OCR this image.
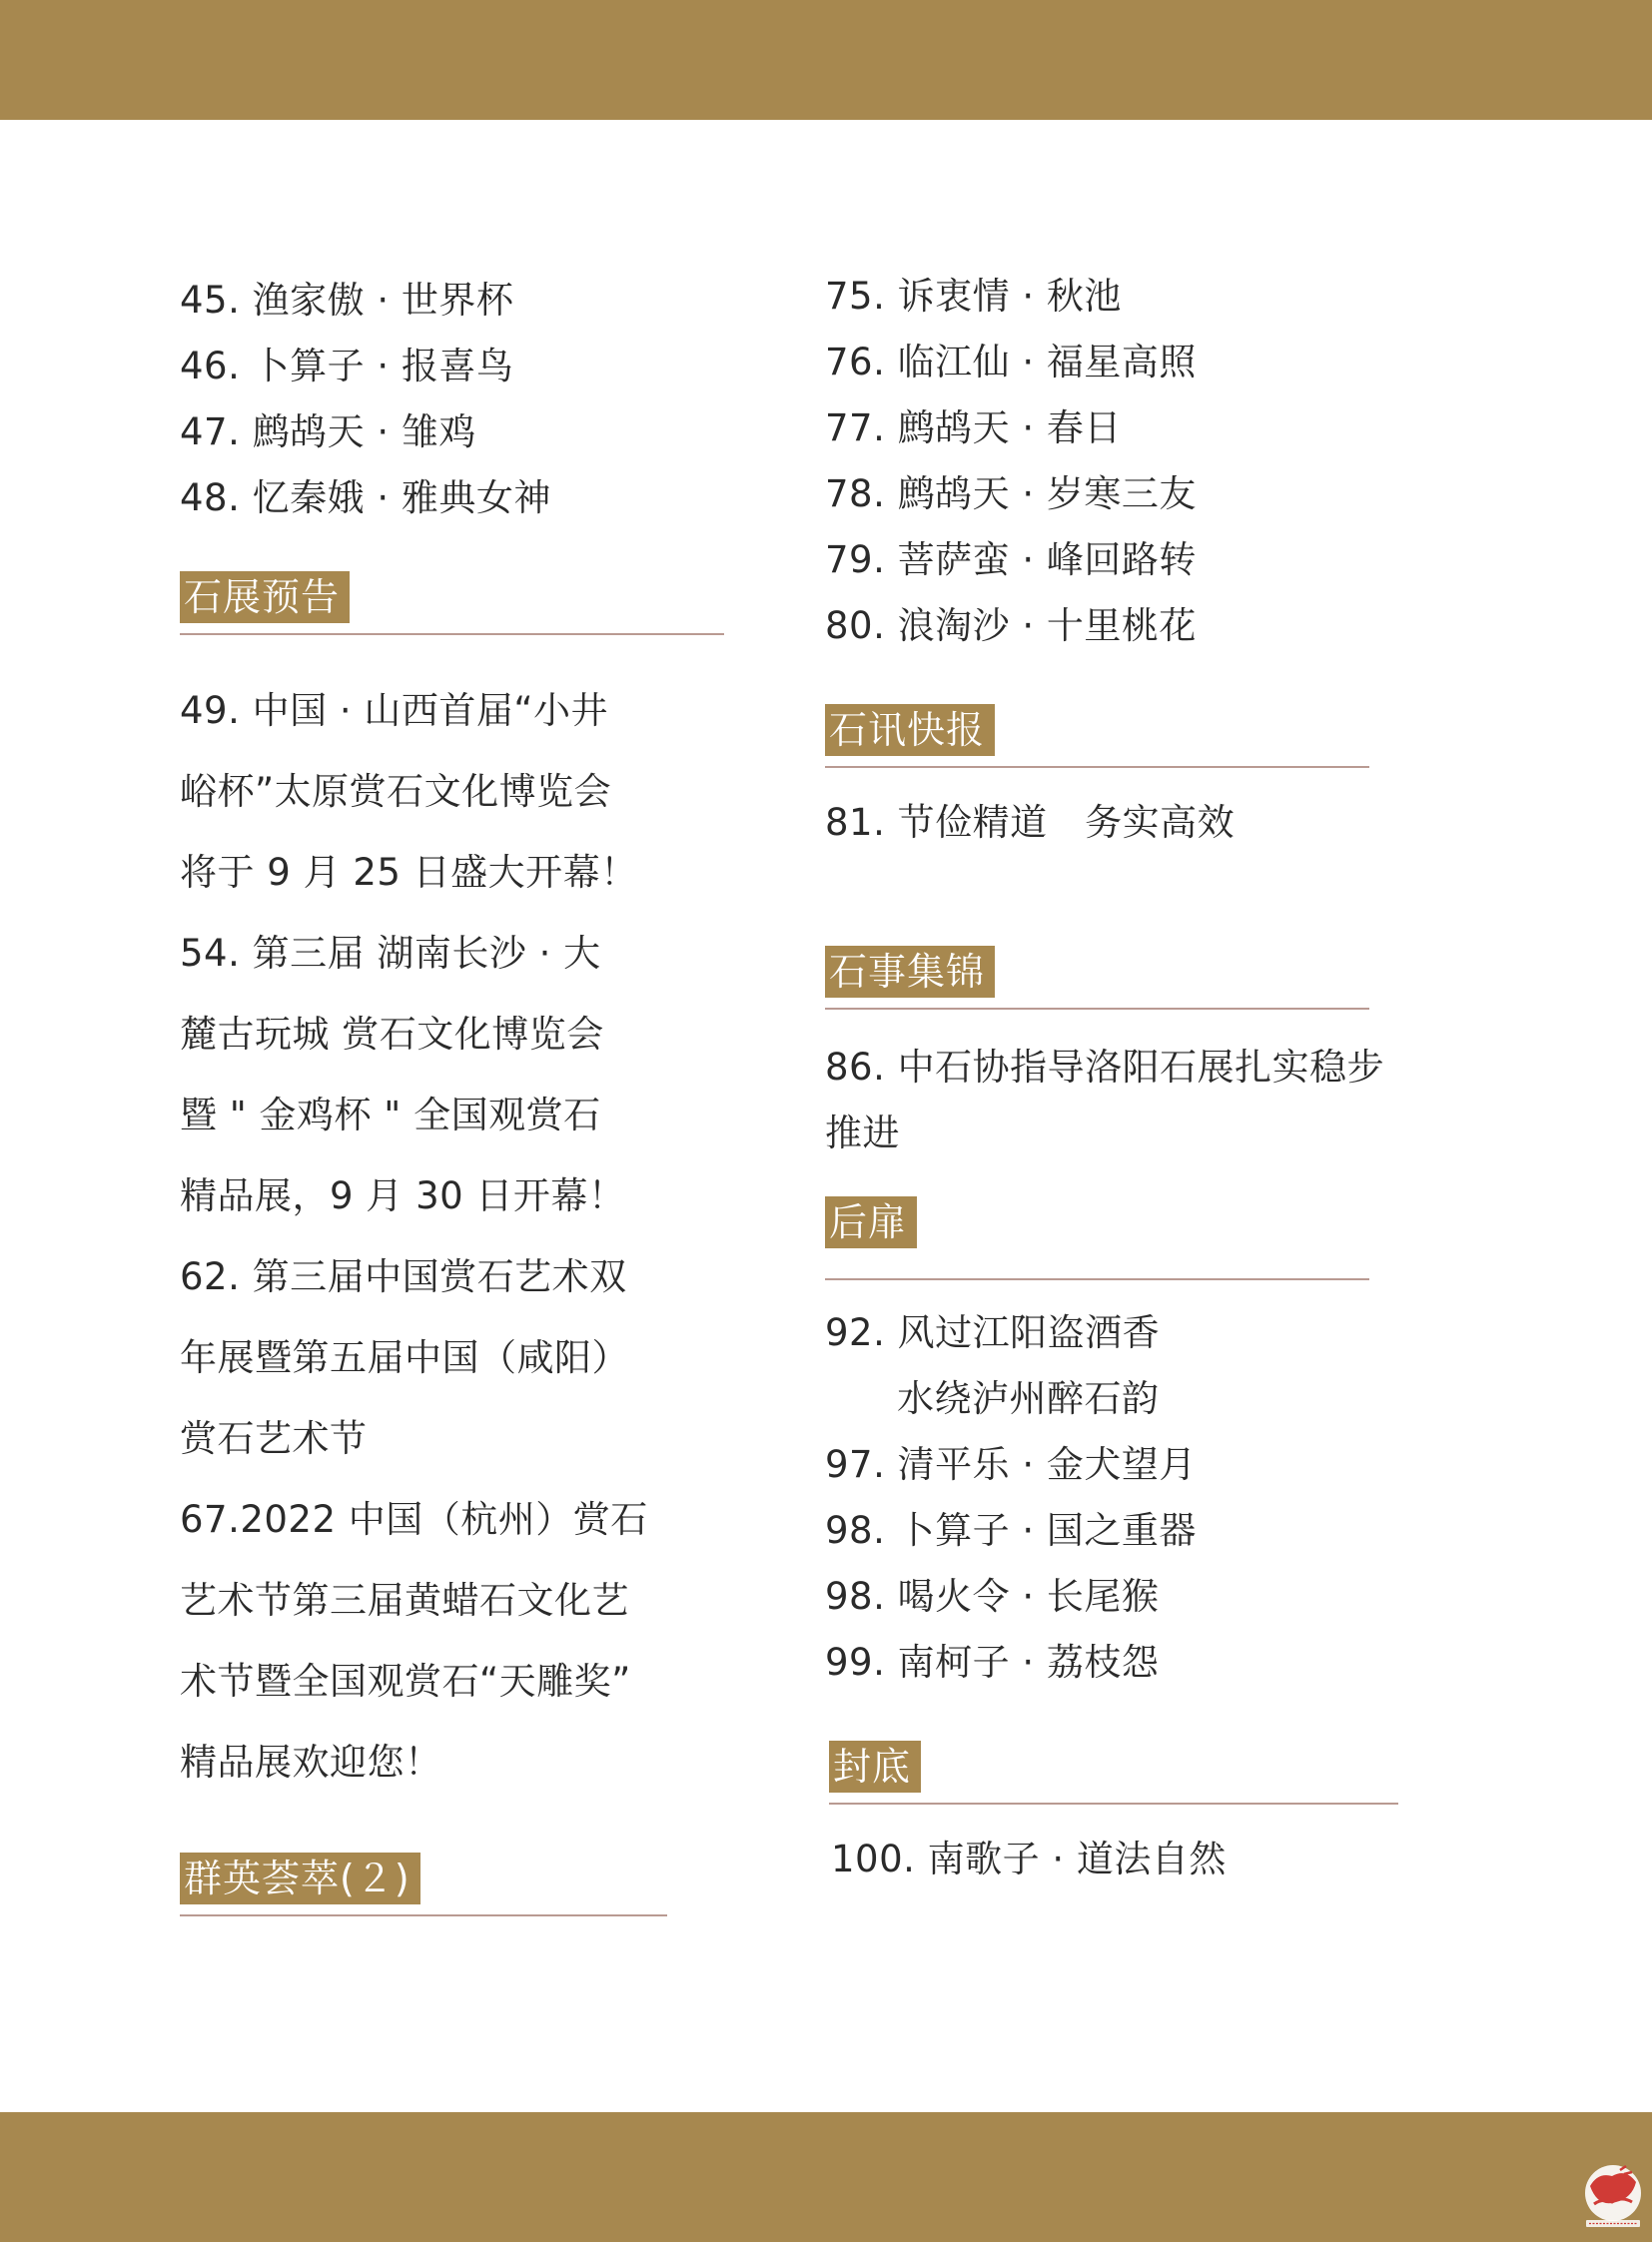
45. 渔家傲 · 世界杯
46. 卜算子 · 报喜鸟
47. 鹧鸪天 · 雏鸡
48. 忆秦娥 · 雅典女神
石展预告
49. 中国 · 山西首届“小井
峪杯”太原赏石文化博览会
将于 9 月 25 日盛大开幕！
54. 第三届 湖南长沙 · 大
麓古玩城 赏石文化博览会
暨 " 金鸡杯 " 全国观赏石
精品展，9 月 30 日开幕！
62. 第三届中国赏石艺术双
年展暨第五届中国（咸阳）
赏石艺术节
67.2022 中国（杭州）赏石
艺术节第三届黄蜡石文化艺
术节暨全国观赏石“天雕奖”
精品展欢迎您！
群英荟萃(２)
75. 诉衷情 · 秋池
76. 临江仙 · 福星高照
77. 鹧鸪天 · 春日
78. 鹧鸪天 · 岁寒三友
79. 菩萨蛮 · 峰回路转
80. 浪淘沙 · 十里桃花
石讯快报
81. 节俭精道　务实高效
石事集锦
86. 中石协指导洛阳石展扎实稳步
推进
后扉
92. 风过江阳盗酒香
水绕泸州醉石韵
97. 清平乐 · 金犬望月
98. 卜算子 · 国之重器
98. 喝火令 · 长尾猴
99. 南柯子 · 荔枝怨
封底
100. 南歌子 · 道法自然
